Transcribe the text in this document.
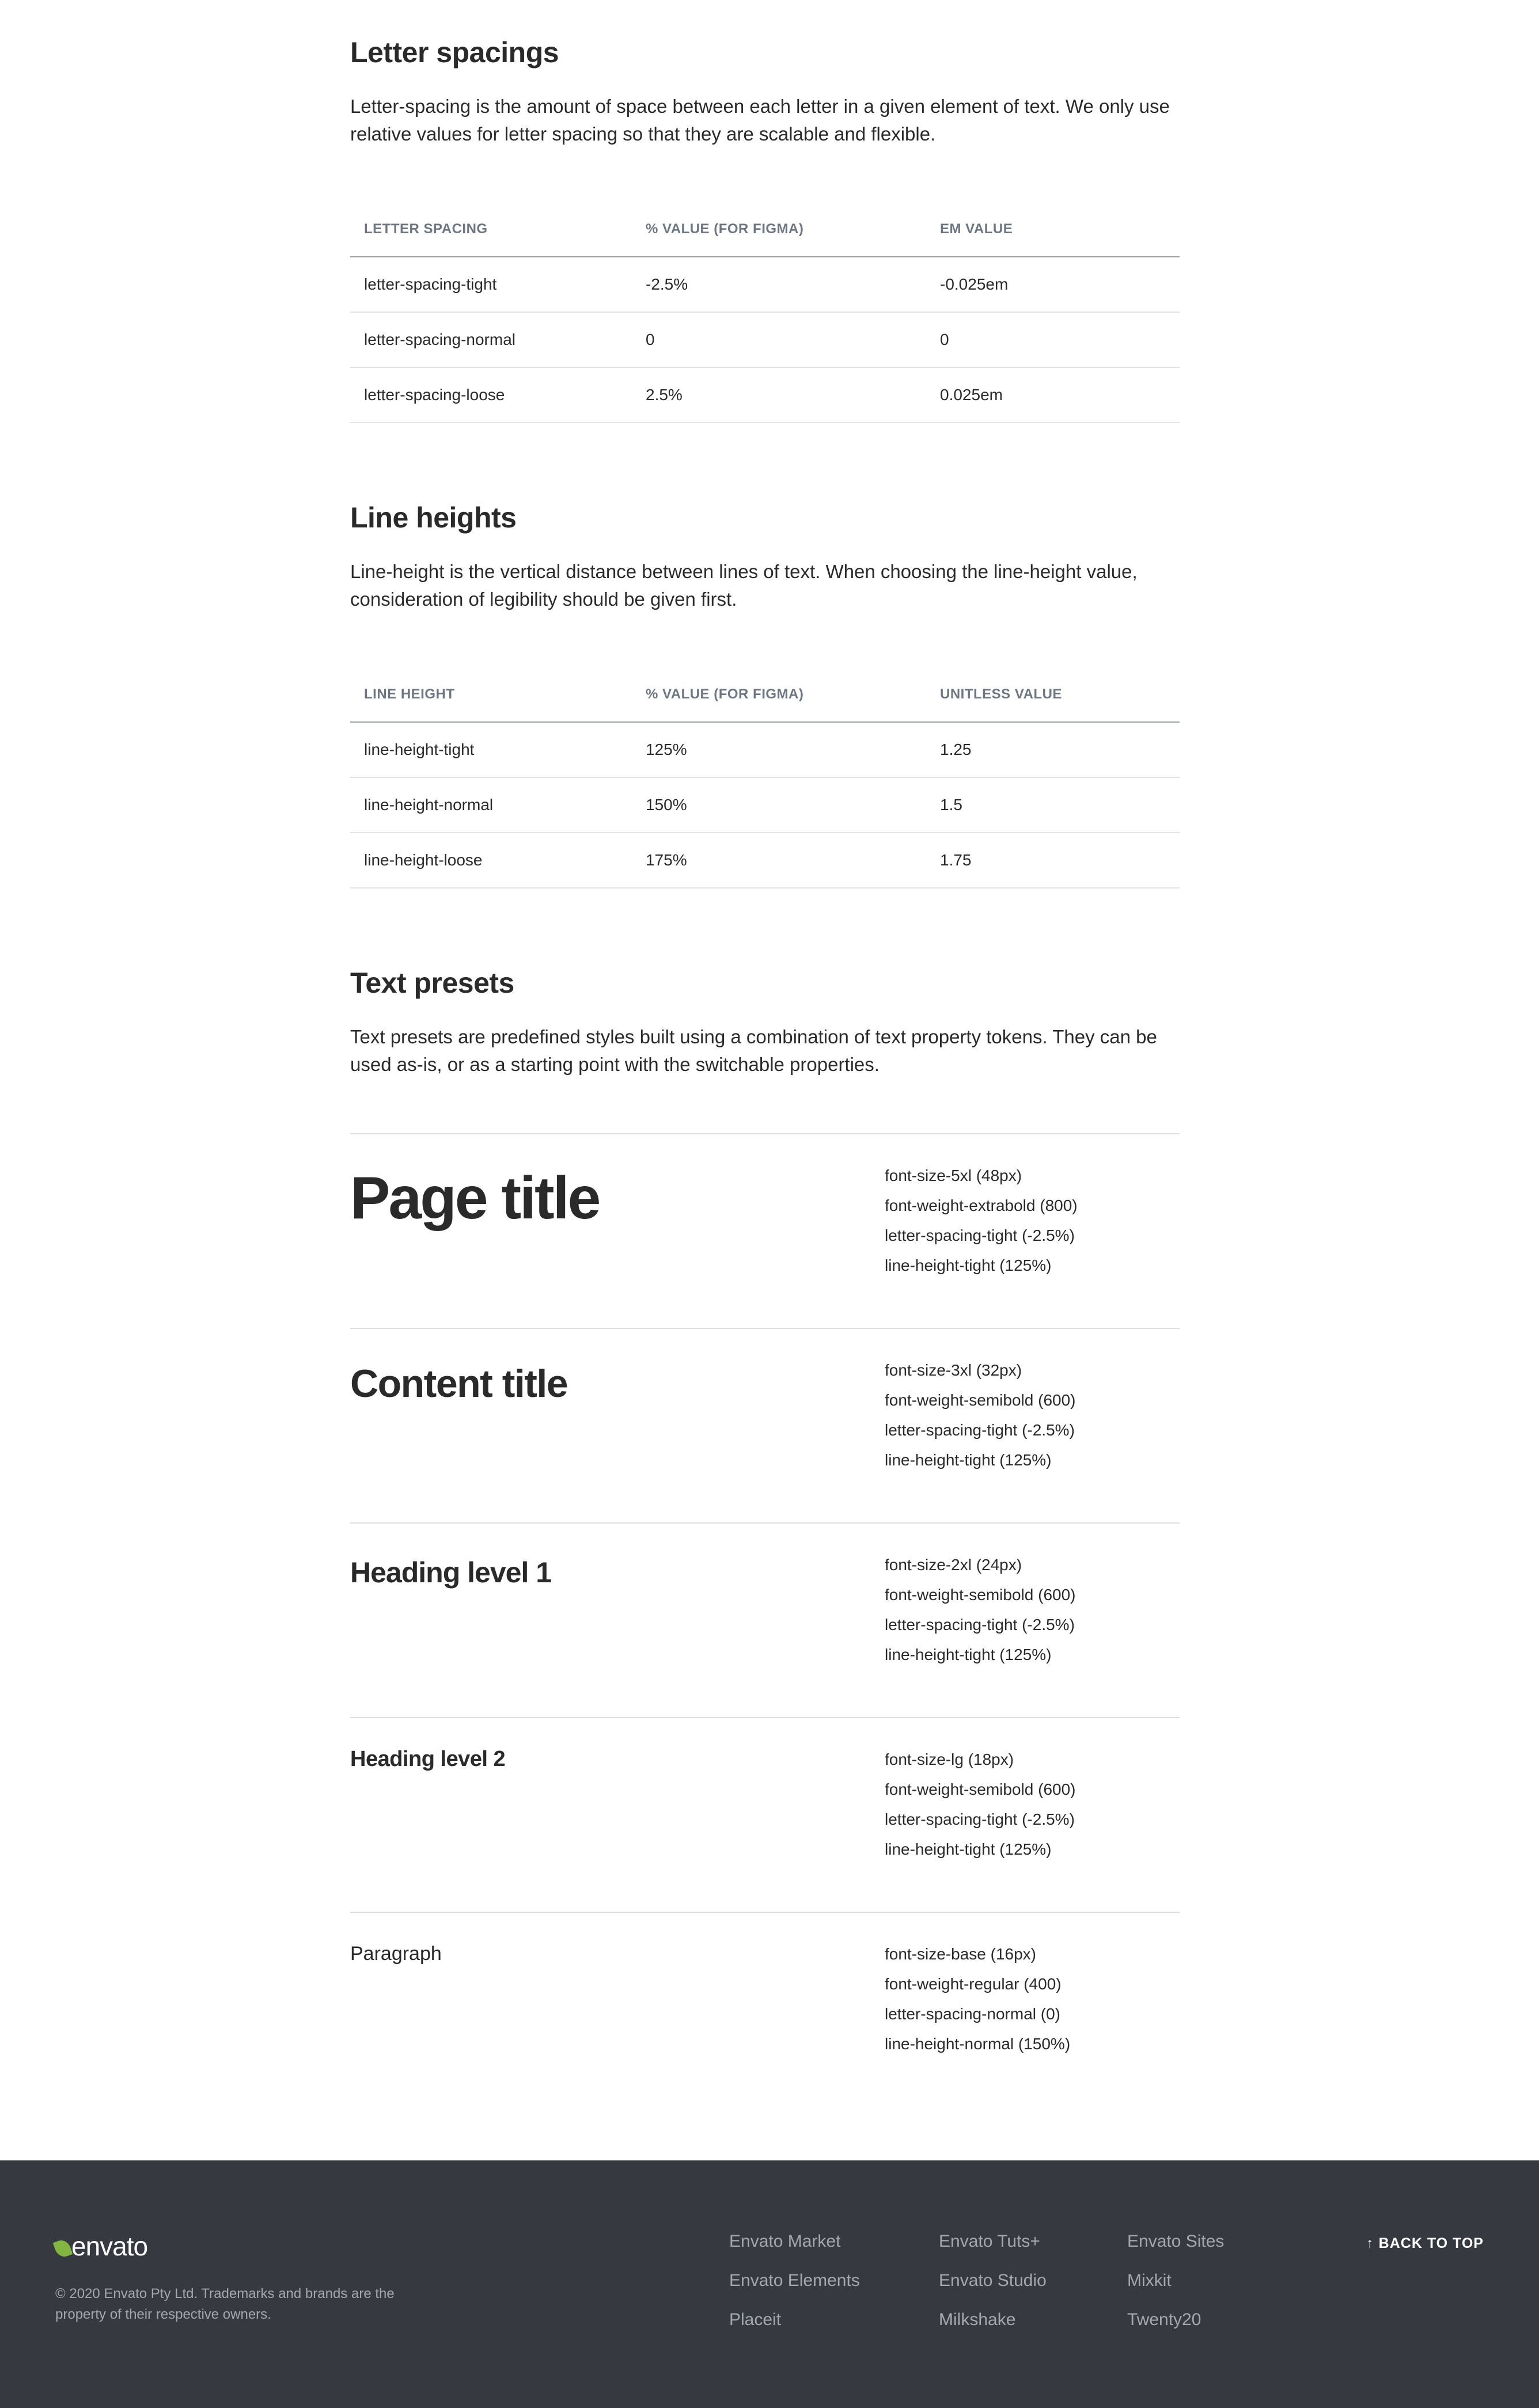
Letter spacings

Letter-spacing is the amount of space between each letter in a given element of text. We only use relative values for letter spacing so that they are scalable and flexible.

LETTER SPACING	% VALUE (FOR FIGMA)	EM VALUE
letter-spacing-tight	-2.5%	-0.025em
letter-spacing-normal	0	0
letter-spacing-loose	2.5%	0.025em
Line heights

Line-height is the vertical distance between lines of text. When choosing the line-height value, consideration of legibility should be given first.

LINE HEIGHT	% VALUE (FOR FIGMA)	UNITLESS VALUE
line-height-tight	125%	1.25
line-height-normal	150%	1.5
line-height-loose	175%	1.75
Text presets

Text presets are predefined styles built using a combination of text property tokens. They can be used as-is, or as a starting point with the switchable properties.

Page title	font-size-5xl (48px)
font-weight-extrabold (800)
letter-spacing-tight (-2.5%)
line-height-tight (125%)
Content title	font-size-3xl (32px)
font-weight-semibold (600)
letter-spacing-tight (-2.5%)
line-height-tight (125%)
Heading level 1	font-size-2xl (24px)
font-weight-semibold (600)
letter-spacing-tight (-2.5%)
line-height-tight (125%)
Heading level 2	font-size-lg (18px)
font-weight-semibold (600)
letter-spacing-tight (-2.5%)
line-height-tight (125%)
Paragraph	font-size-base (16px)
font-weight-regular (400)
letter-spacing-normal (0)
line-height-normal (150%)
envato

© 2020 Envato Pty Ltd. Trademarks and brands are the property of their respective owners.

Envato Market
Envato Elements
Placeit
Envato Tuts+
Envato Studio
Milkshake
Envato Sites
Mixkit
Twenty20
↑ BACK TO TOP
